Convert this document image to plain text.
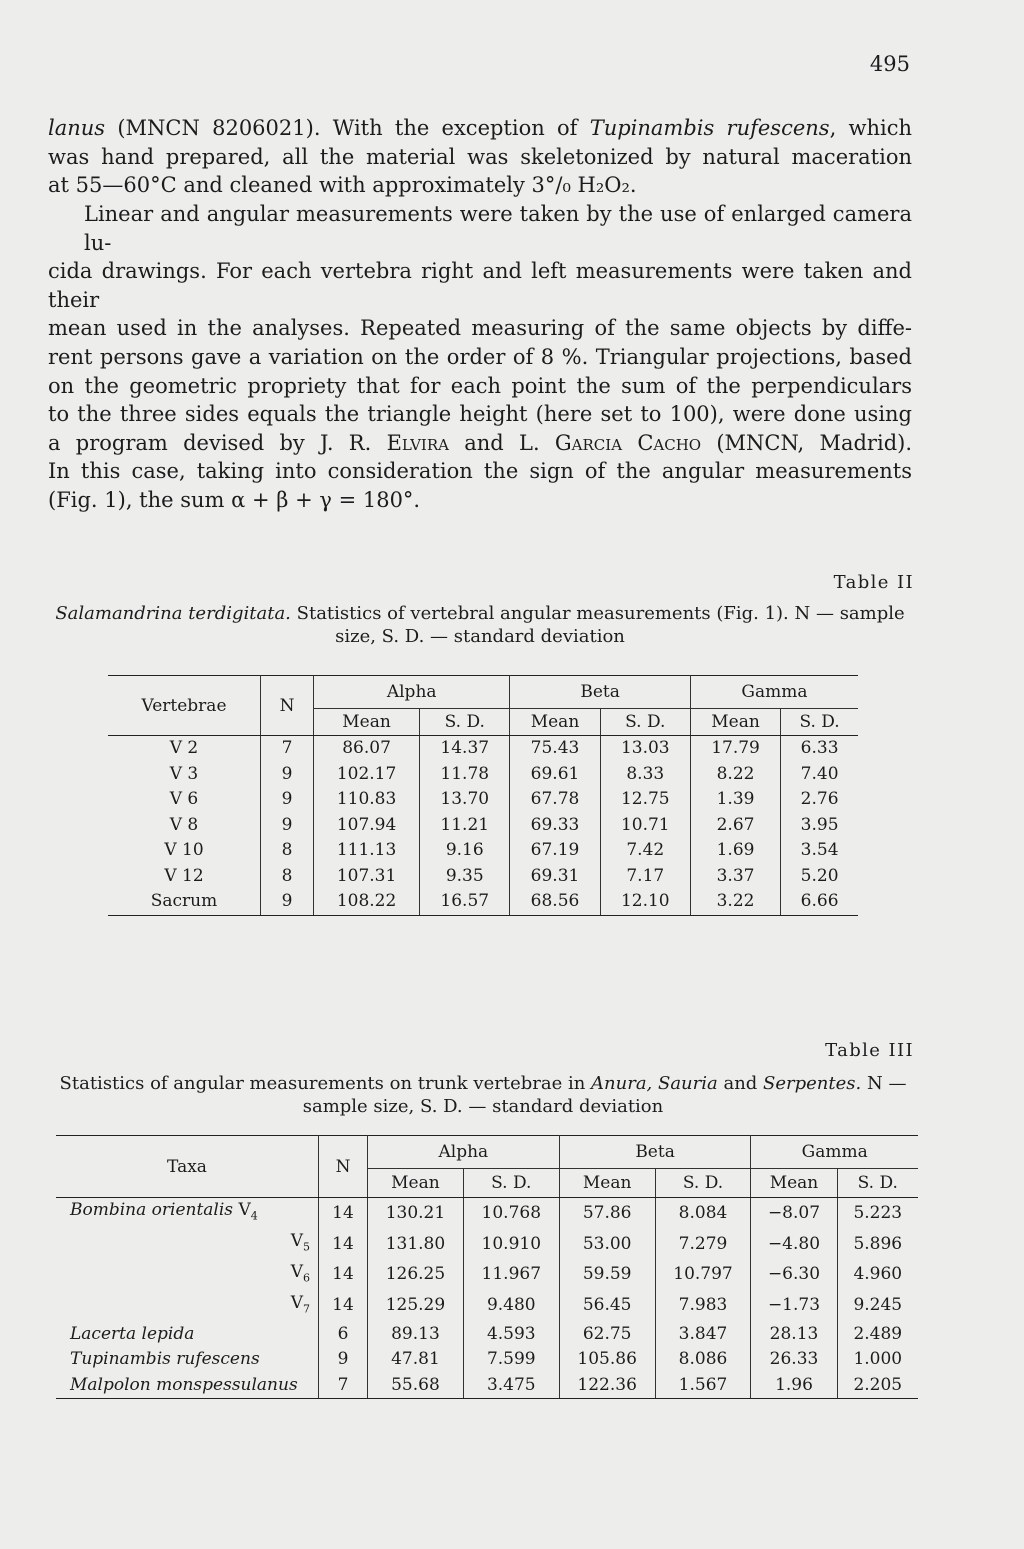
495
lanus (MNCN 8206021). With the exception of Tupinambis rufescens, which
was hand prepared, all the material was skeletonized by natural maceration
at 55—60°C and cleaned with approximately 3°/₀ H₂O₂.
Linear and angular measurements were taken by the use of enlarged camera lu-
cida drawings. For each vertebra right and left measurements were taken and their
mean used in the analyses. Repeated measuring of the same objects by diffe-
rent persons gave a variation on the order of 8 %. Triangular projections, based
on the geometric propriety that for each point the sum of the perpendiculars
to the three sides equals the triangle height (here set to 100), were done using
a program devised by J. R. Elvira and L. Garcia Cacho (MNCN, Madrid).
In this case, taking into consideration the sign of the angular measurements
(Fig. 1), the sum α + β + γ = 180°.
Table II
Salamandrina terdigitata. Statistics of vertebral angular measurements (Fig. 1). N — sample
size, S. D. — standard deviation
Vertebrae	N	Alpha		Beta		Gamma	
		Mean	S. D.	Mean	S. D.	Mean	S. D.
V 2	7	86.07	14.37	75.43	13.03	17.79	6.33
V 3	9	102.17	11.78	69.61	8.33	8.22	7.40
V 6	9	110.83	13.70	67.78	12.75	1.39	2.76
V 8	9	107.94	11.21	69.33	10.71	2.67	3.95
V 10	8	111.13	9.16	67.19	7.42	1.69	3.54
V 12	8	107.31	9.35	69.31	7.17	3.37	5.20
Sacrum	9	108.22	16.57	68.56	12.10	3.22	6.66
Table III
Statistics of angular measurements on trunk vertebrae in Anura, Sauria and Serpentes. N —
sample size, S. D. — standard deviation
Taxa	N	Alpha		Beta		Gamma	
		Mean	S. D.	Mean	S. D.	Mean	S. D.
Bombina orientalis $V_4$	14	130.21	10.768	57.86	8.084	−8.07	5.223
$V_5$	14	131.80	10.910	53.00	7.279	−4.80	5.896
$V_6$	14	126.25	11.967	59.59	10.797	−6.30	4.960
$V_7$	14	125.29	9.480	56.45	7.983	−1.73	9.245
Lacerta lepida	6	89.13	4.593	62.75	3.847	28.13	2.489
Tupinambis rufescens	9	47.81	7.599	105.86	8.086	26.33	1.000
Malpolon monspessulanus	7	55.68	3.475	122.36	1.567	1.96	2.205
